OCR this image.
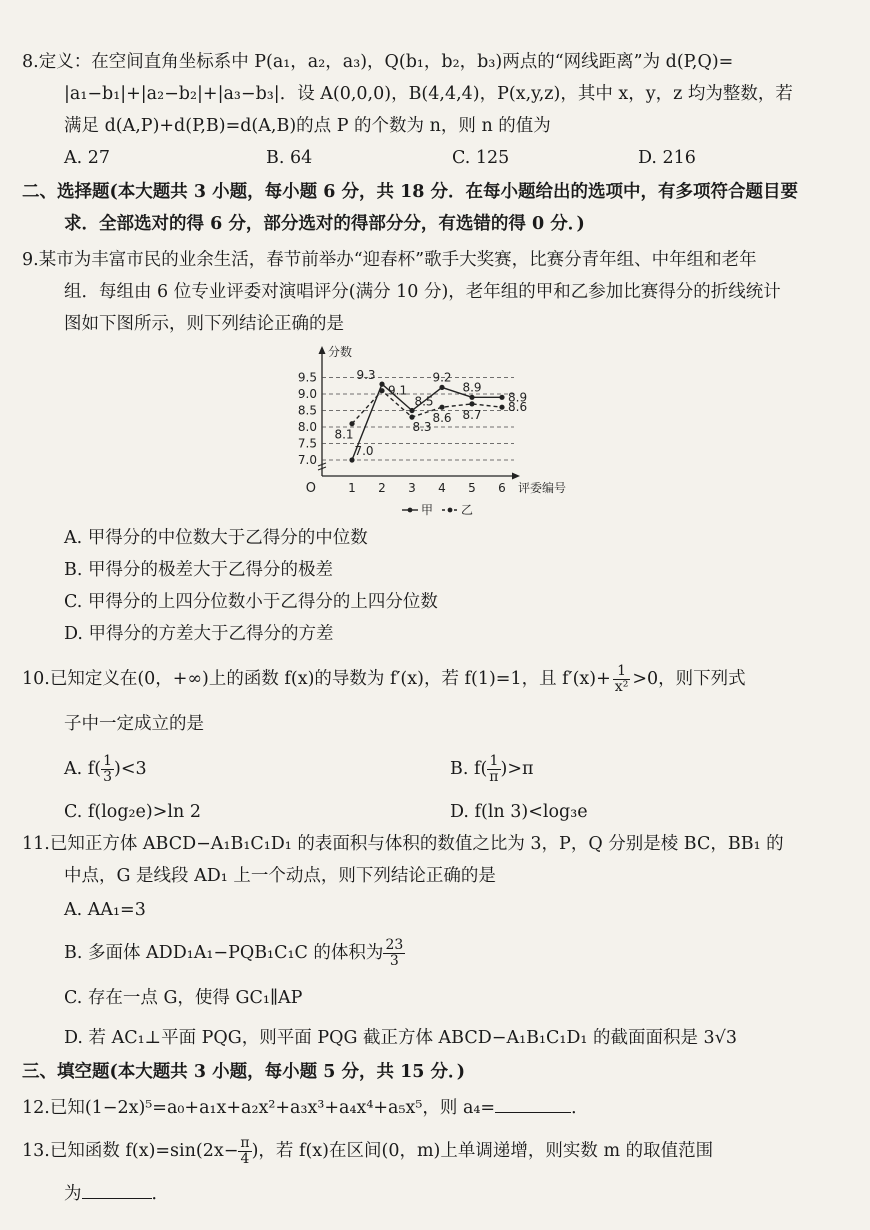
8.定义：在空间直角坐标系中 P(a₁，a₂，a₃)，Q(b₁，b₂，b₃)两点的“网线距离”为 d(P,Q)=
|a₁−b₁|+|a₂−b₂|+|a₃−b₃|．设 A(0,0,0)，B(4,4,4)，P(x,y,z)，其中 x，y，z 均为整数，若
满足 d(A,P)+d(P,B)=d(A,B)的点 P 的个数为 n，则 n 的值为
A. 27	B. 64	C. 125	D. 216
二、选择题(本大题共 3 小题，每小题 6 分，共 18 分．在每小题给出的选项中，有多项符合题目要
求．全部选对的得 6 分，部分选对的得部分分，有选错的得 0 分．)
9.某市为丰富市民的业余生活，春节前举办“迎春杯”歌手大奖赛，比赛分青年组、中年组和老年
组．每组由 6 位专业评委对演唱评分(满分 10 分)，老年组的甲和乙参加比赛得分的折线统计
图如下图所示，则下列结论正确的是
7.0
7.5
8.0
8.5
9.0
9.5
1 2 3 4 5 6
O
分数
评委编号
9.3
9.1
8.5
8.3
9.2
8.6
8.9
8.7
8.9
8.6
8.1
7.0
甲 乙
A. 甲得分的中位数大于乙得分的中位数
B. 甲得分的极差大于乙得分的极差
C. 甲得分的上四分位数小于乙得分的上四分位数
D. 甲得分的方差大于乙得分的方差
10.已知定义在(0，+∞)上的函数 f(x)的导数为 f′(x)，若 f(1)=1，且 $f'(x)+ \frac{1}{\text{x²}} >0$，则下列式
子中一定成立的是
A. $f( \frac{1}{3} )<3$	B. $f( \frac{1}{\pi} )>\pi$
C. f(log₂e)>ln 2	D. f(ln 3)<log₃e
11.已知正方体 ABCD−A₁B₁C₁D₁ 的表面积与体积的数值之比为 3，P，Q 分别是棱 BC，BB₁ 的
中点，G 是线段 AD₁ 上一个动点，则下列结论正确的是
A. AA₁=3
B. 多面体 ADD₁A₁−PQB₁C₁C 的体积为 $\frac{23}{3}$
C. 存在一点 G，使得 GC₁∥AP
D. 若 AC₁⊥平面 PQG，则平面 PQG 截正方体 ABCD−A₁B₁C₁D₁ 的截面面积是 3√3
三、填空题(本大题共 3 小题，每小题 5 分，共 15 分．)
12.已知(1−2x)⁵=a₀+a₁x+a₂x²+a₃x³+a₄x⁴+a₅x⁵，则 a₄=	．
13.已知函数 $f(x)=\sin(2x- \frac{\pi}{4}$ )，若 f(x)在区间(0，m)上单调递增，则实数 m 的取值范围
为	．
